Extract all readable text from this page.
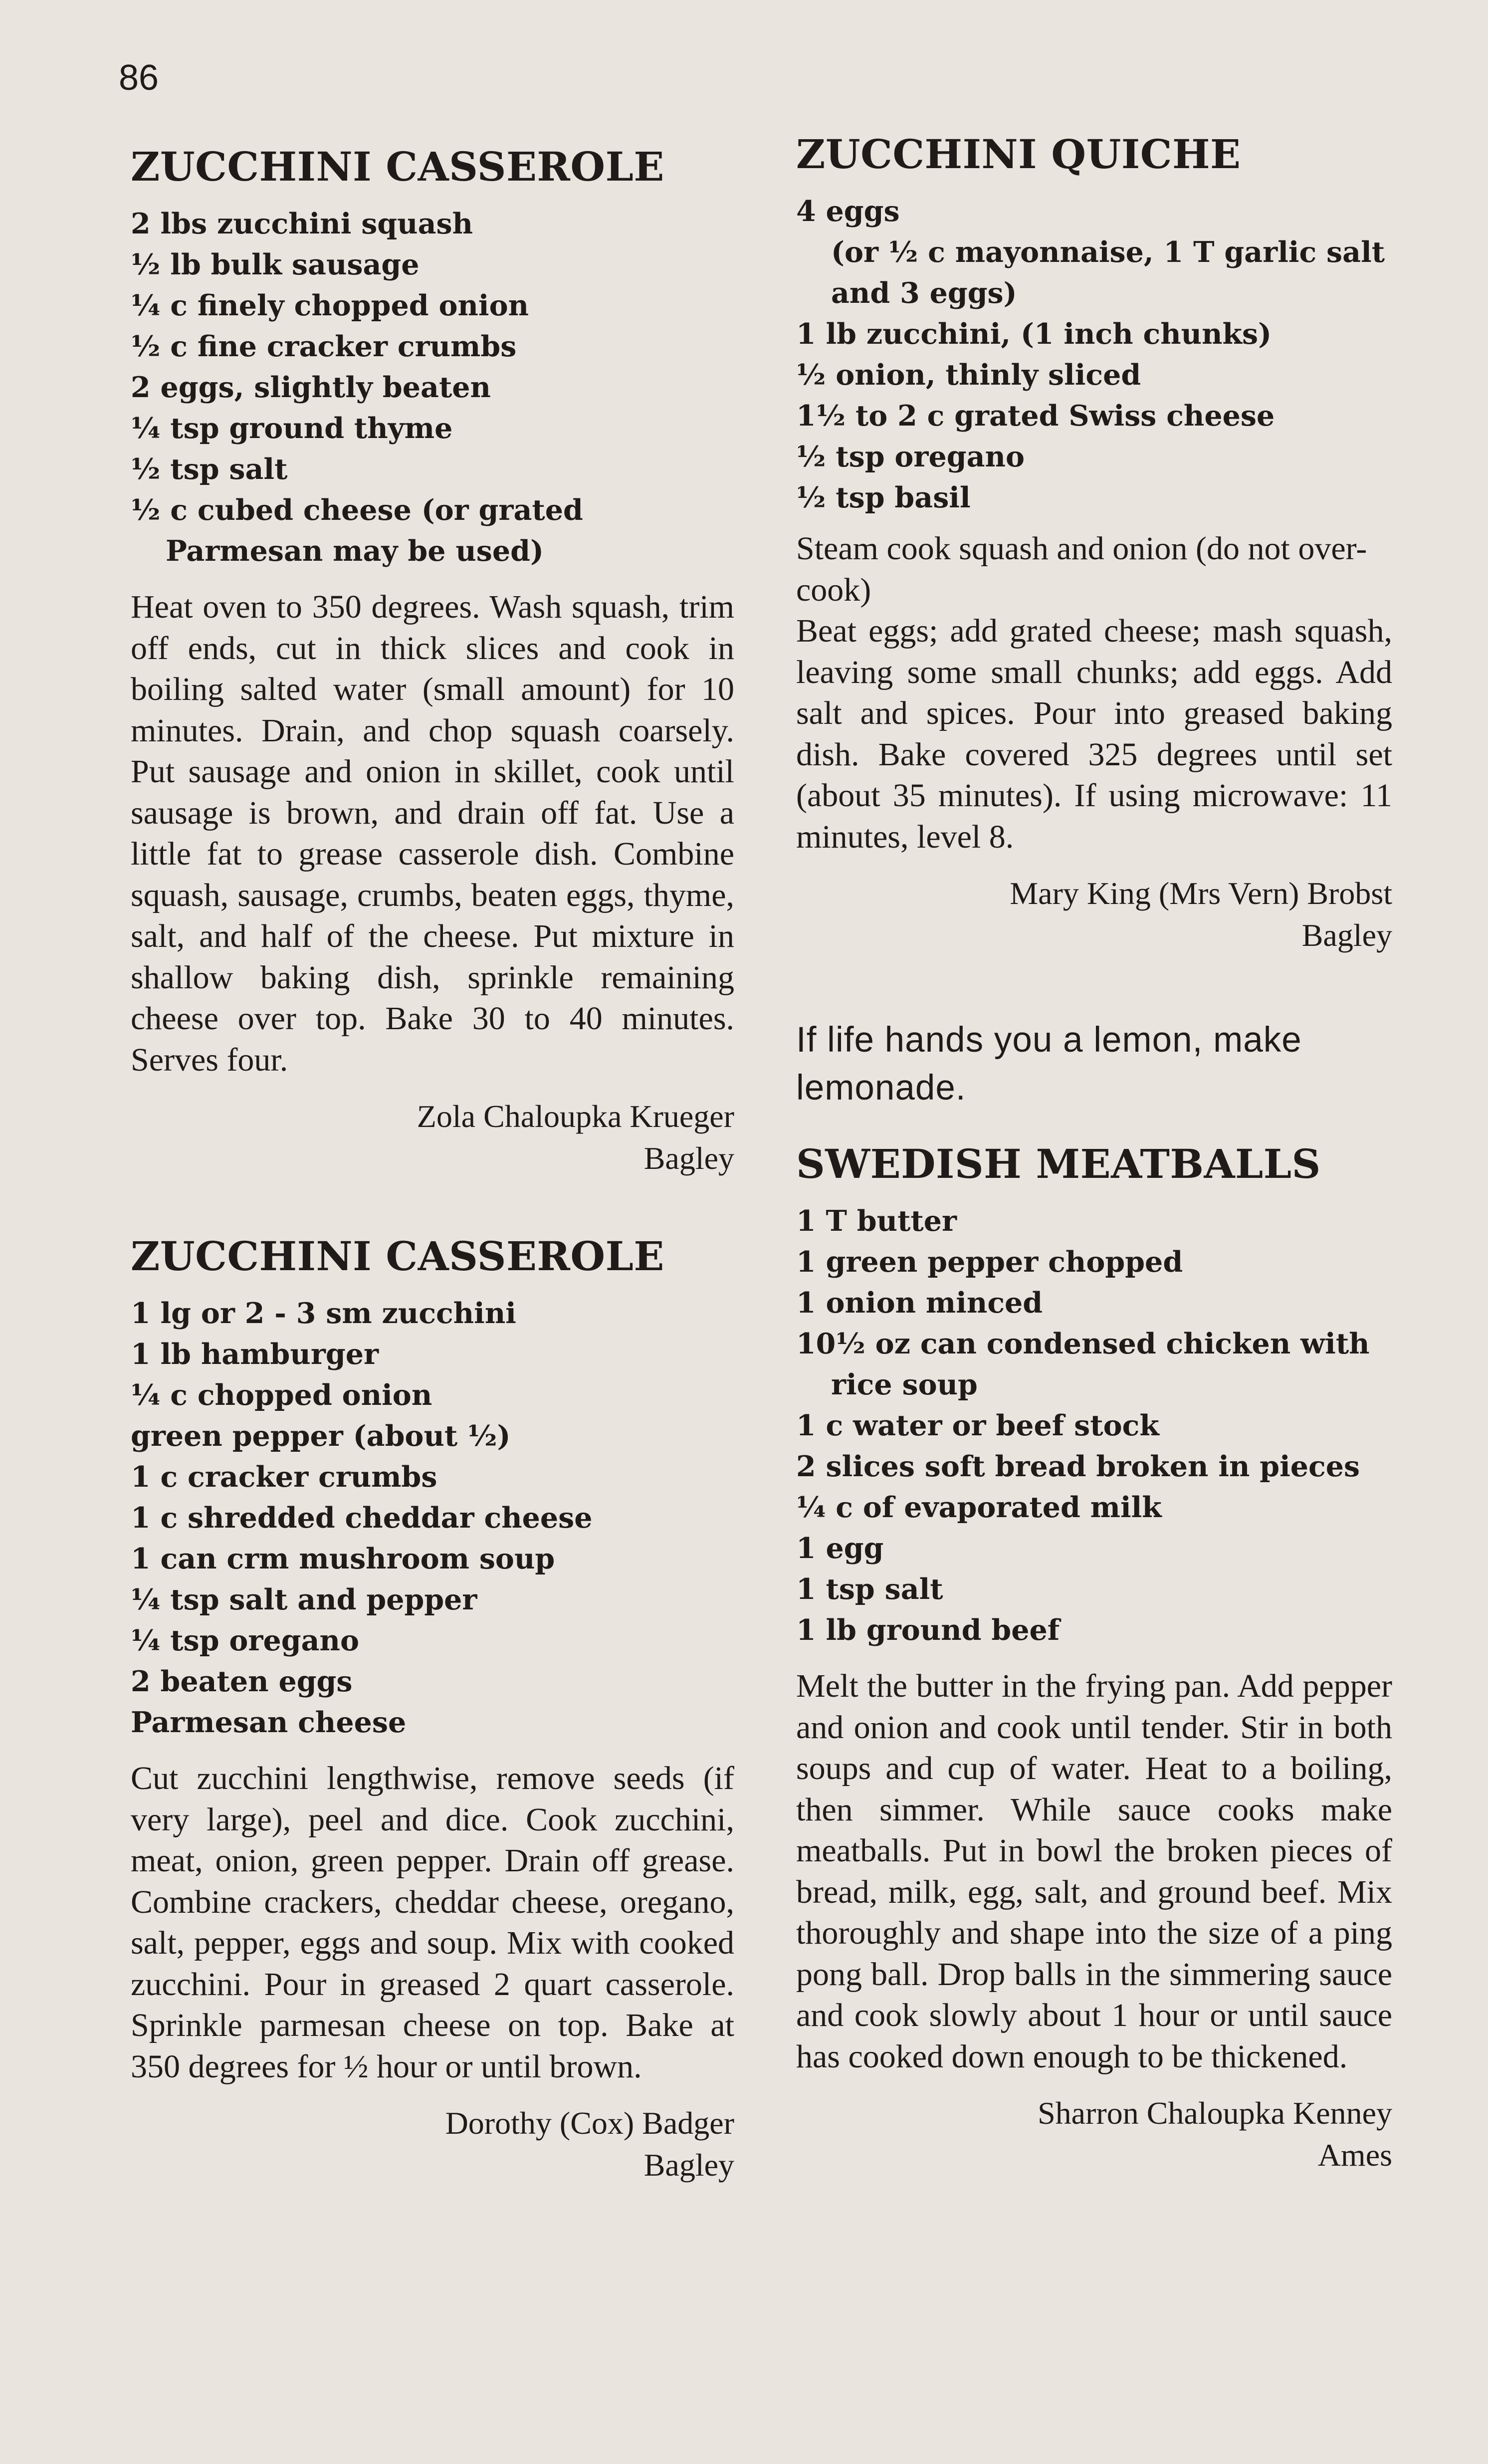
86

ZUCCHINI CASSEROLE
2 lbs zucchini squash
½ lb bulk sausage
¼ c finely chopped onion
½ c fine cracker crumbs
2 eggs, slightly beaten
¼ tsp ground thyme
½ tsp salt
½ c cubed cheese (or grated Parmesan may be used)

Heat oven to 350 degrees. Wash squash, trim off ends, cut in thick slices and cook in boiling salted water (small amount) for 10 minutes. Drain, and chop squash coarsely. Put sausage and onion in skillet, cook until sausage is brown, and drain off fat. Use a little fat to grease casserole dish. Combine squash, sausage, crumbs, beaten eggs, thyme, salt, and half of the cheese. Put mixture in shallow baking dish, sprinkle remaining cheese over top. Bake 30 to 40 minutes. Serves four.

Zola Chaloupka Krueger
Bagley

ZUCCHINI CASSEROLE
1 lg or 2 - 3 sm zucchini
1 lb hamburger
¼ c chopped onion
green pepper (about ½)
1 c cracker crumbs
1 c shredded cheddar cheese
1 can crm mushroom soup
¼ tsp salt and pepper
¼ tsp oregano
2 beaten eggs
Parmesan cheese

Cut zucchini lengthwise, remove seeds (if very large), peel and dice. Cook zucchini, meat, onion, green pepper. Drain off grease. Combine crackers, cheddar cheese, oregano, salt, pepper, eggs and soup. Mix with cooked zucchini. Pour in greased 2 quart casserole. Sprinkle parmesan cheese on top. Bake at 350 degrees for ½ hour or until brown.

Dorothy (Cox) Badger
Bagley

ZUCCHINI QUICHE
4 eggs
(or ½ c mayonnaise, 1 T garlic salt and 3 eggs)
1 lb zucchini, (1 inch chunks)
½ onion, thinly sliced
1½ to 2 c grated Swiss cheese
½ tsp oregano
½ tsp basil

Steam cook squash and onion (do not over-cook)

Beat eggs; add grated cheese; mash squash, leaving some small chunks; add eggs. Add salt and spices. Pour into greased baking dish. Bake covered 325 degrees until set (about 35 minutes). If using microwave: 11 minutes, level 8.

Mary King (Mrs Vern) Brobst
Bagley

If life hands you a lemon, make lemonade.

SWEDISH MEATBALLS
1 T butter
1 green pepper chopped
1 onion minced
10½ oz can condensed chicken with rice soup
1 c water or beef stock
2 slices soft bread broken in pieces
¼ c of evaporated milk
1 egg
1 tsp salt
1 lb ground beef

Melt the butter in the frying pan. Add pepper and onion and cook until tender. Stir in both soups and cup of water. Heat to a boiling, then simmer. While sauce cooks make meatballs. Put in bowl the broken pieces of bread, milk, egg, salt, and ground beef. Mix thoroughly and shape into the size of a ping pong ball. Drop balls in the simmering sauce and cook slowly about 1 hour or until sauce has cooked down enough to be thickened.

Sharron Chaloupka Kenney
Ames
